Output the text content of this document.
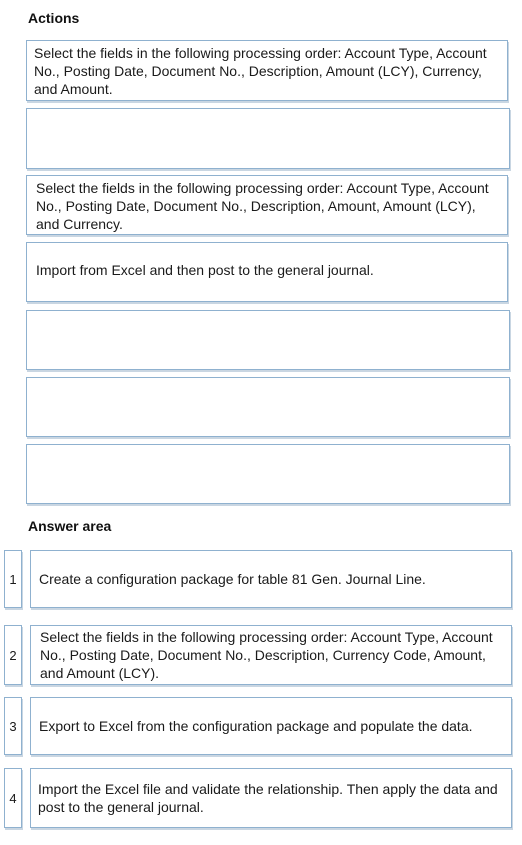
Actions
Select the fields in the following processing order: Account Type, Account No., Posting Date, Document No., Description, Amount (LCY), Currency, and Amount.
Select the fields in the following processing order: Account Type, Account No., Posting Date, Document No., Description, Amount, Amount (LCY), and Currency.
Import from Excel and then post to the general journal.
Answer area
1	Create a configuration package for table 81 Gen. Journal Line.
2
Select the fields in the following processing order: Account Type, Account No., Posting Date, Document No., Description, Currency Code, Amount, and Amount (LCY).
3	Export to Excel from the configuration package and populate the data.
4
Import the Excel file and validate the relationship. Then apply the data and post to the general journal.
